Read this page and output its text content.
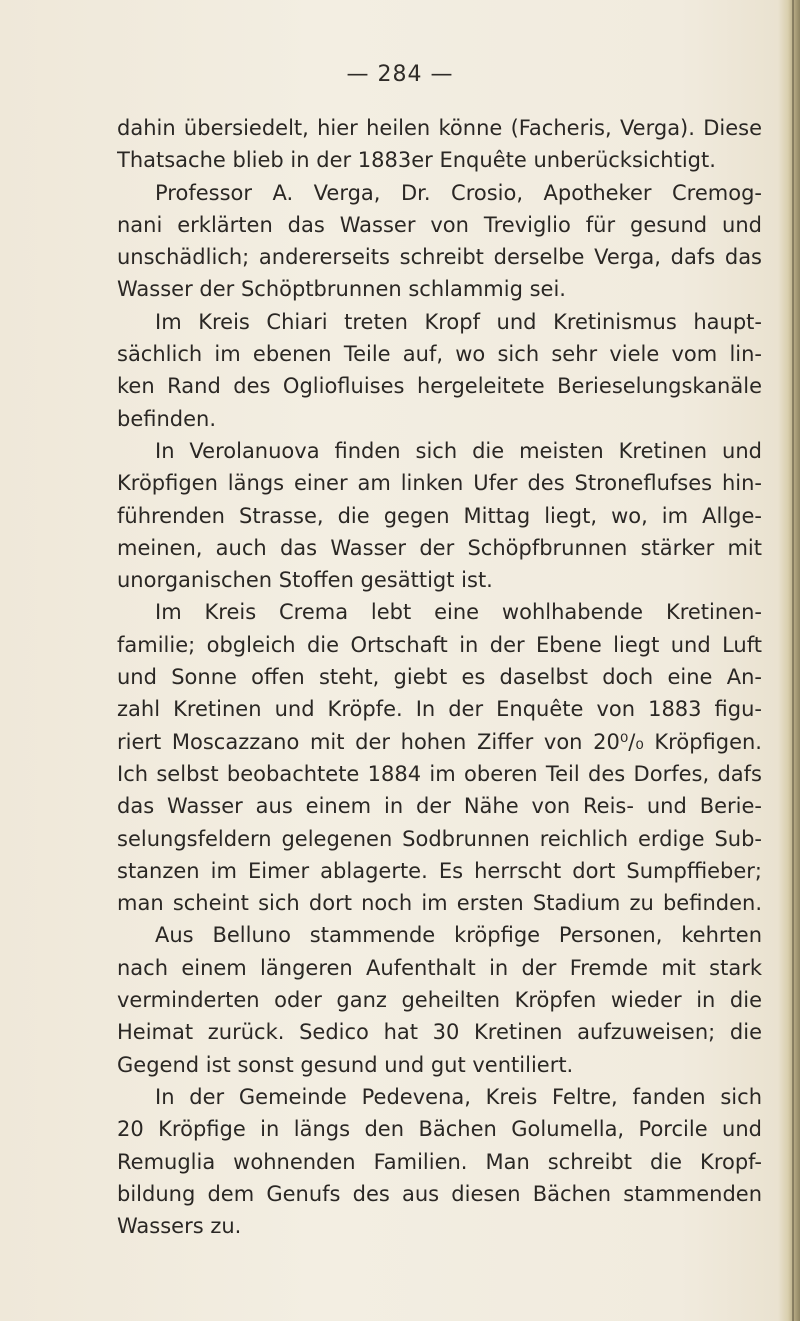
— 284 —
dahin übersiedelt, hier heilen könne (Facheris, Verga). Diese
Thatsache blieb in der 1883er Enquête unberücksichtigt.
Professor A. Verga, Dr. Crosio, Apotheker Cremog-
nani erklärten das Wasser von Treviglio für gesund und
unschädlich; andererseits schreibt derselbe Verga, dafs das
Wasser der Schöptbrunnen schlammig sei.
Im Kreis Chiari treten Kropf und Kretinismus haupt-
sächlich im ebenen Teile auf, wo sich sehr viele vom lin-
ken Rand des Ogliofluises hergeleitete Berieselungskanäle
befinden.
In Verolanuova finden sich die meisten Kretinen und
Kröpfigen längs einer am linken Ufer des Stroneflufses hin-
führenden Strasse, die gegen Mittag liegt, wo, im Allge-
meinen, auch das Wasser der Schöpfbrunnen stärker mit
unorganischen Stoffen gesättigt ist.
Im Kreis Crema lebt eine wohlhabende Kretinen-
familie; obgleich die Ortschaft in der Ebene liegt und Luft
und Sonne offen steht, giebt es daselbst doch eine An-
zahl Kretinen und Kröpfe. In der Enquête von 1883 figu-
riert Moscazzano mit der hohen Ziffer von 20⁰/₀ Kröpfigen.
Ich selbst beobachtete 1884 im oberen Teil des Dorfes, dafs
das Wasser aus einem in der Nähe von Reis- und Berie-
selungsfeldern gelegenen Sodbrunnen reichlich erdige Sub-
stanzen im Eimer ablagerte. Es herrscht dort Sumpffieber;
man scheint sich dort noch im ersten Stadium zu befinden.
Aus Belluno stammende kröpfige Personen, kehrten
nach einem längeren Aufenthalt in der Fremde mit stark
verminderten oder ganz geheilten Kröpfen wieder in die
Heimat zurück. Sedico hat 30 Kretinen aufzuweisen; die
Gegend ist sonst gesund und gut ventiliert.
In der Gemeinde Pedevena, Kreis Feltre, fanden sich
20 Kröpfige in längs den Bächen Golumella, Porcile und
Remuglia wohnenden Familien. Man schreibt die Kropf-
bildung dem Genufs des aus diesen Bächen stammenden
Wassers zu.
